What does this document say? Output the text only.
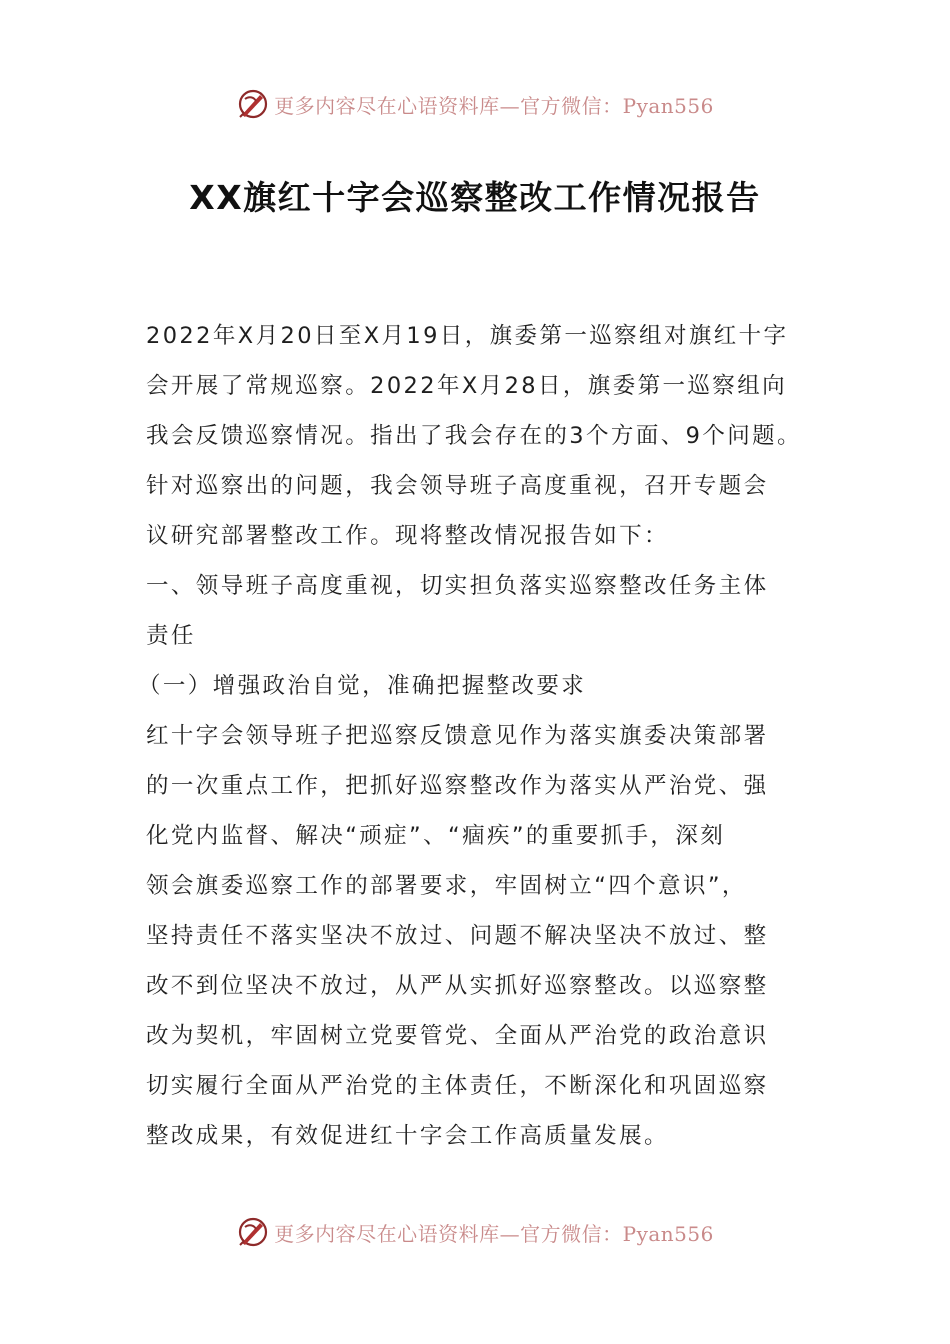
更多内容尽在心语资料库—官方微信：Pyan556
XX旗红十字会巡察整改工作情况报告
2022年X月20日至X月19日，旗委第一巡察组对旗红十字
会开展了常规巡察。2022年X月28日，旗委第一巡察组向
我会反馈巡察情况。指出了我会存在的3个方面、9个问题。
针对巡察出的问题，我会领导班子高度重视，召开专题会
议研究部署整改工作。现将整改情况报告如下：
一、领导班子高度重视，切实担负落实巡察整改任务主体
责任
（一）增强政治自觉，准确把握整改要求
红十字会领导班子把巡察反馈意见作为落实旗委决策部署
的一次重点工作，把抓好巡察整改作为落实从严治党、强
化党内监督、解决“顽症”、“痼疾”的重要抓手，深刻
领会旗委巡察工作的部署要求，牢固树立“四个意识”，
坚持责任不落实坚决不放过、问题不解决坚决不放过、整
改不到位坚决不放过，从严从实抓好巡察整改。以巡察整
改为契机，牢固树立党要管党、全面从严治党的政治意识
切实履行全面从严治党的主体责任，不断深化和巩固巡察
整改成果，有效促进红十字会工作高质量发展。
更多内容尽在心语资料库—官方微信：Pyan556
